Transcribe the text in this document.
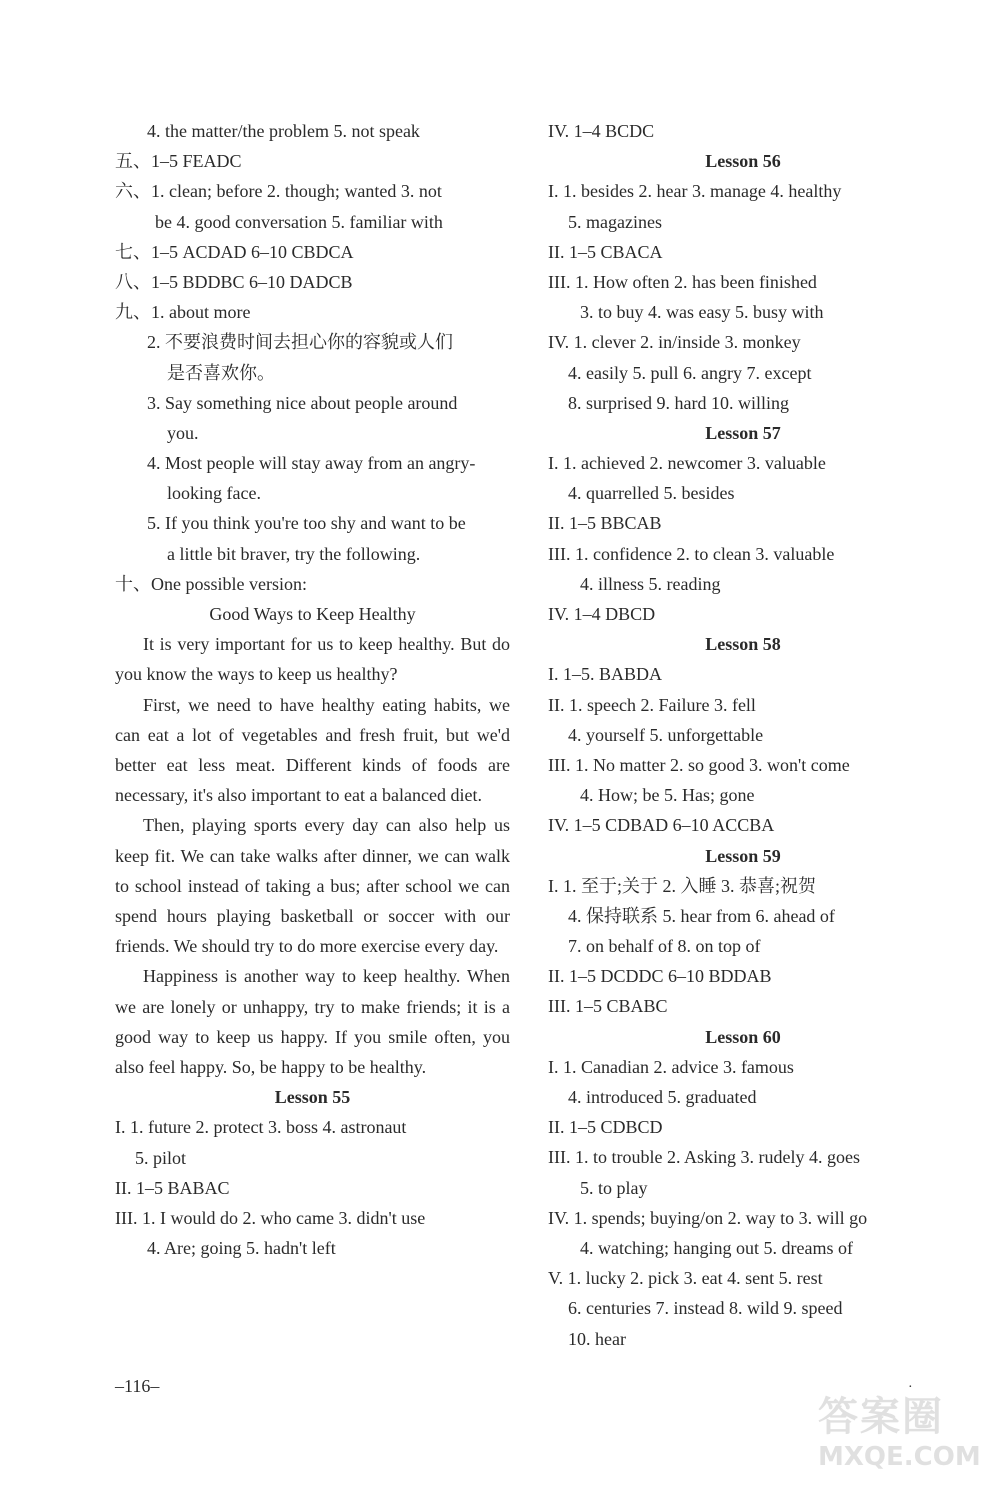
4. the matter/the problem 5. not speak
五、1–5 FEADC
六、1. clean; before 2. though; wanted 3. not
be 4. good conversation 5. familiar with
七、1–5 ACDAD 6–10 CBDCA
八、1–5 BDDBC 6–10 DADCB
九、1. about more
2. 不要浪费时间去担心你的容貌或人们
是否喜欢你。
3. Say something nice about people around
you.
4. Most people will stay away from an angry-
looking face.
5. If you think you're too shy and want to be
a little bit braver, try the following.
十、One possible version:
Good Ways to Keep Healthy
It is very important for us to keep healthy. But do you know the ways to keep us healthy?
First, we need to have healthy eating habits, we can eat a lot of vegetables and fresh fruit, but we'd better eat less meat. Different kinds of foods are necessary, it's also important to eat a balanced diet.
Then, playing sports every day can also help us keep fit. We can take walks after dinner, we can walk to school instead of taking a bus; after school we can spend hours playing basketball or soccer with our friends. We should try to do more exercise every day.
Happiness is another way to keep healthy. When we are lonely or unhappy, try to make friends; it is a good way to keep us happy. If you smile often, you also feel happy. So, be happy to be healthy.
Lesson 55
I. 1. future 2. protect 3. boss 4. astronaut
5. pilot
II. 1–5 BABAC
III. 1. I would do 2. who came 3. didn't use
4. Are; going 5. hadn't left
IV. 1–4 BCDC
Lesson 56
I. 1. besides 2. hear 3. manage 4. healthy
5. magazines
II. 1–5 CBACA
III. 1. How often 2. has been finished
3. to buy 4. was easy 5. busy with
IV. 1. clever 2. in/inside 3. monkey
4. easily 5. pull 6. angry 7. except
8. surprised 9. hard 10. willing
Lesson 57
I. 1. achieved 2. newcomer 3. valuable
4. quarrelled 5. besides
II. 1–5 BBCAB
III. 1. confidence 2. to clean 3. valuable
4. illness 5. reading
IV. 1–4 DBCD
Lesson 58
I. 1–5. BABDA
II. 1. speech 2. Failure 3. fell
4. yourself 5. unforgettable
III. 1. No matter 2. so good 3. won't come
4. How; be 5. Has; gone
IV. 1–5 CDBAD 6–10 ACCBA
Lesson 59
I. 1. 至于;关于 2. 入睡 3. 恭喜;祝贺
4. 保持联系 5. hear from 6. ahead of
7. on behalf of 8. on top of
II. 1–5 DCDDC 6–10 BDDAB
III. 1–5 CBABC
Lesson 60
I. 1. Canadian 2. advice 3. famous
4. introduced 5. graduated
II. 1–5 CDBCD
III. 1. to trouble 2. Asking 3. rudely 4. goes
5. to play
IV. 1. spends; buying/on 2. way to 3. will go
4. watching; hanging out 5. dreams of
V. 1. lucky 2. pick 3. eat 4. sent 5. rest
6. centuries 7. instead 8. wild 9. speed
10. hear
–116–	·
答案圈
MXQE.COM
